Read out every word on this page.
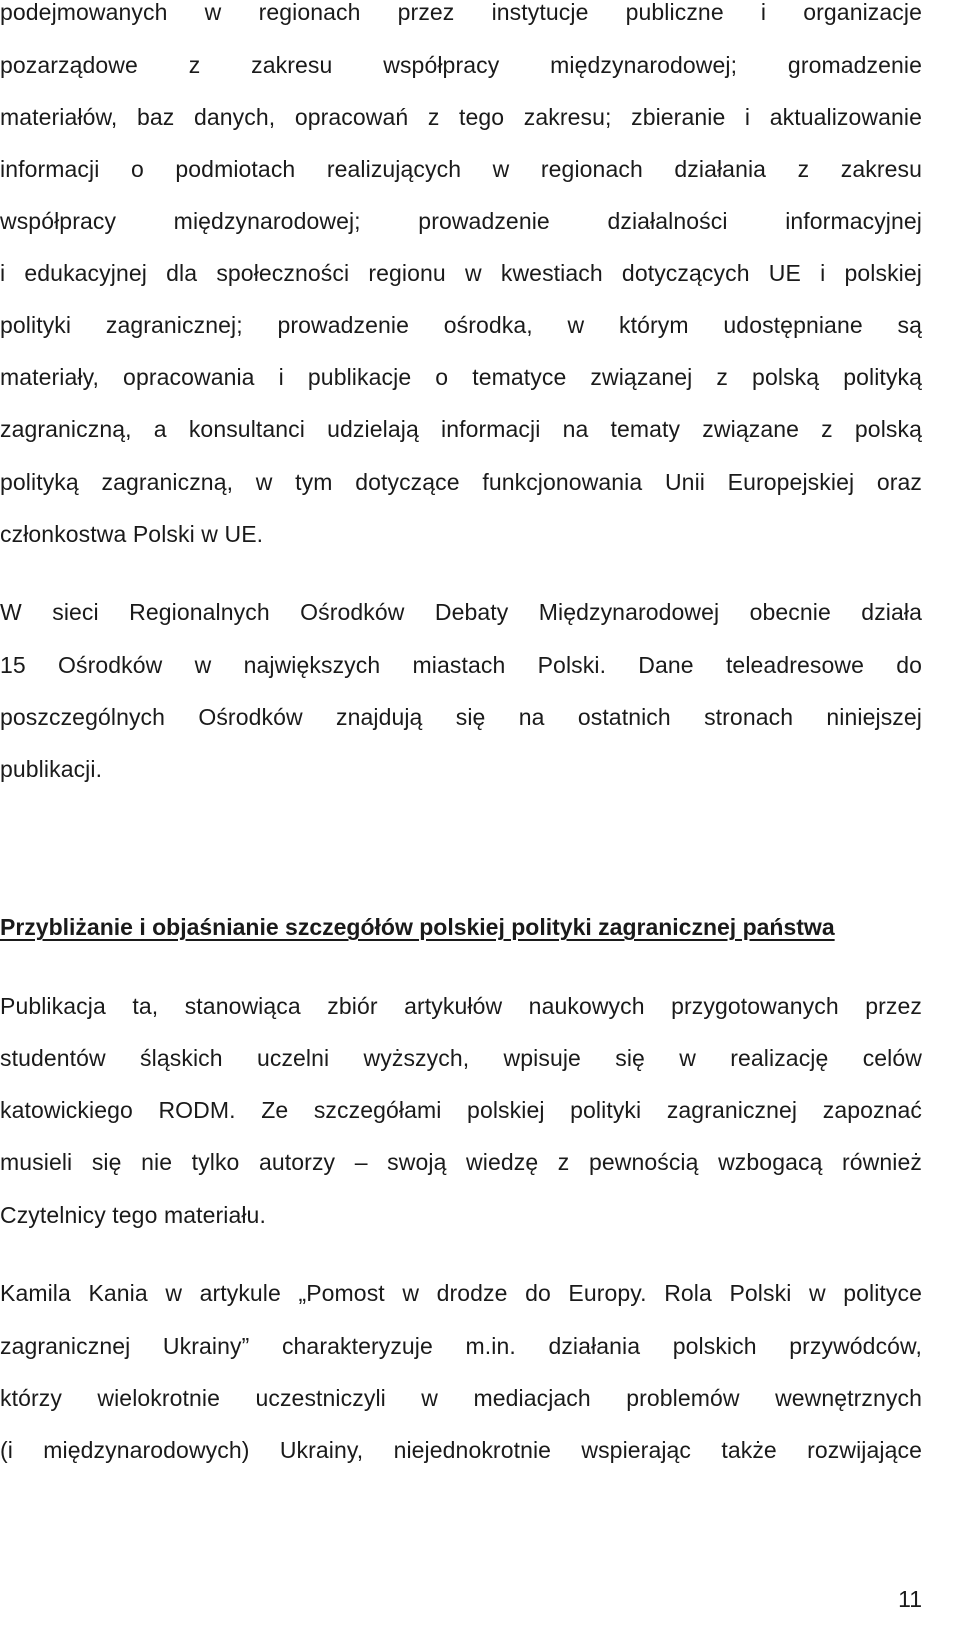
podejmowanych w regionach przez instytucje publiczne i organizacje
pozarządowe z zakresu współpracy międzynarodowej; gromadzenie
materiałów, baz danych, opracowań z tego zakresu; zbieranie i aktualizowanie
informacji o podmiotach realizujących w regionach działania z zakresu
współpracy międzynarodowej; prowadzenie działalności informacyjnej
i edukacyjnej dla społeczności regionu w kwestiach dotyczących UE i polskiej
polityki zagranicznej; prowadzenie ośrodka, w którym udostępniane są
materiały, opracowania i publikacje o tematyce związanej z polską polityką
zagraniczną, a konsultanci udzielają informacji na tematy związane z polską
polityką zagraniczną, w tym dotyczące funkcjonowania Unii Europejskiej oraz
członkostwa Polski w UE.
W sieci Regionalnych Ośrodków Debaty Międzynarodowej obecnie działa
15 Ośrodków w największych miastach Polski. Dane teleadresowe do
poszczególnych Ośrodków znajdują się na ostatnich stronach niniejszej
publikacji.
Przybliżanie i objaśnianie szczegółów polskiej polityki zagranicznej państwa
Publikacja ta, stanowiąca zbiór artykułów naukowych przygotowanych przez
studentów śląskich uczelni wyższych, wpisuje się w realizację celów
katowickiego RODM. Ze szczegółami polskiej polityki zagranicznej zapoznać
musieli się nie tylko autorzy – swoją wiedzę z pewnością wzbogacą również
Czytelnicy tego materiału.
Kamila Kania w artykule „Pomost w drodze do Europy. Rola Polski w polityce
zagranicznej Ukrainy” charakteryzuje m.in. działania polskich przywódców,
którzy wielokrotnie uczestniczyli w mediacjach problemów wewnętrznych
(i międzynarodowych) Ukrainy, niejednokrotnie wspierając także rozwijające
11
